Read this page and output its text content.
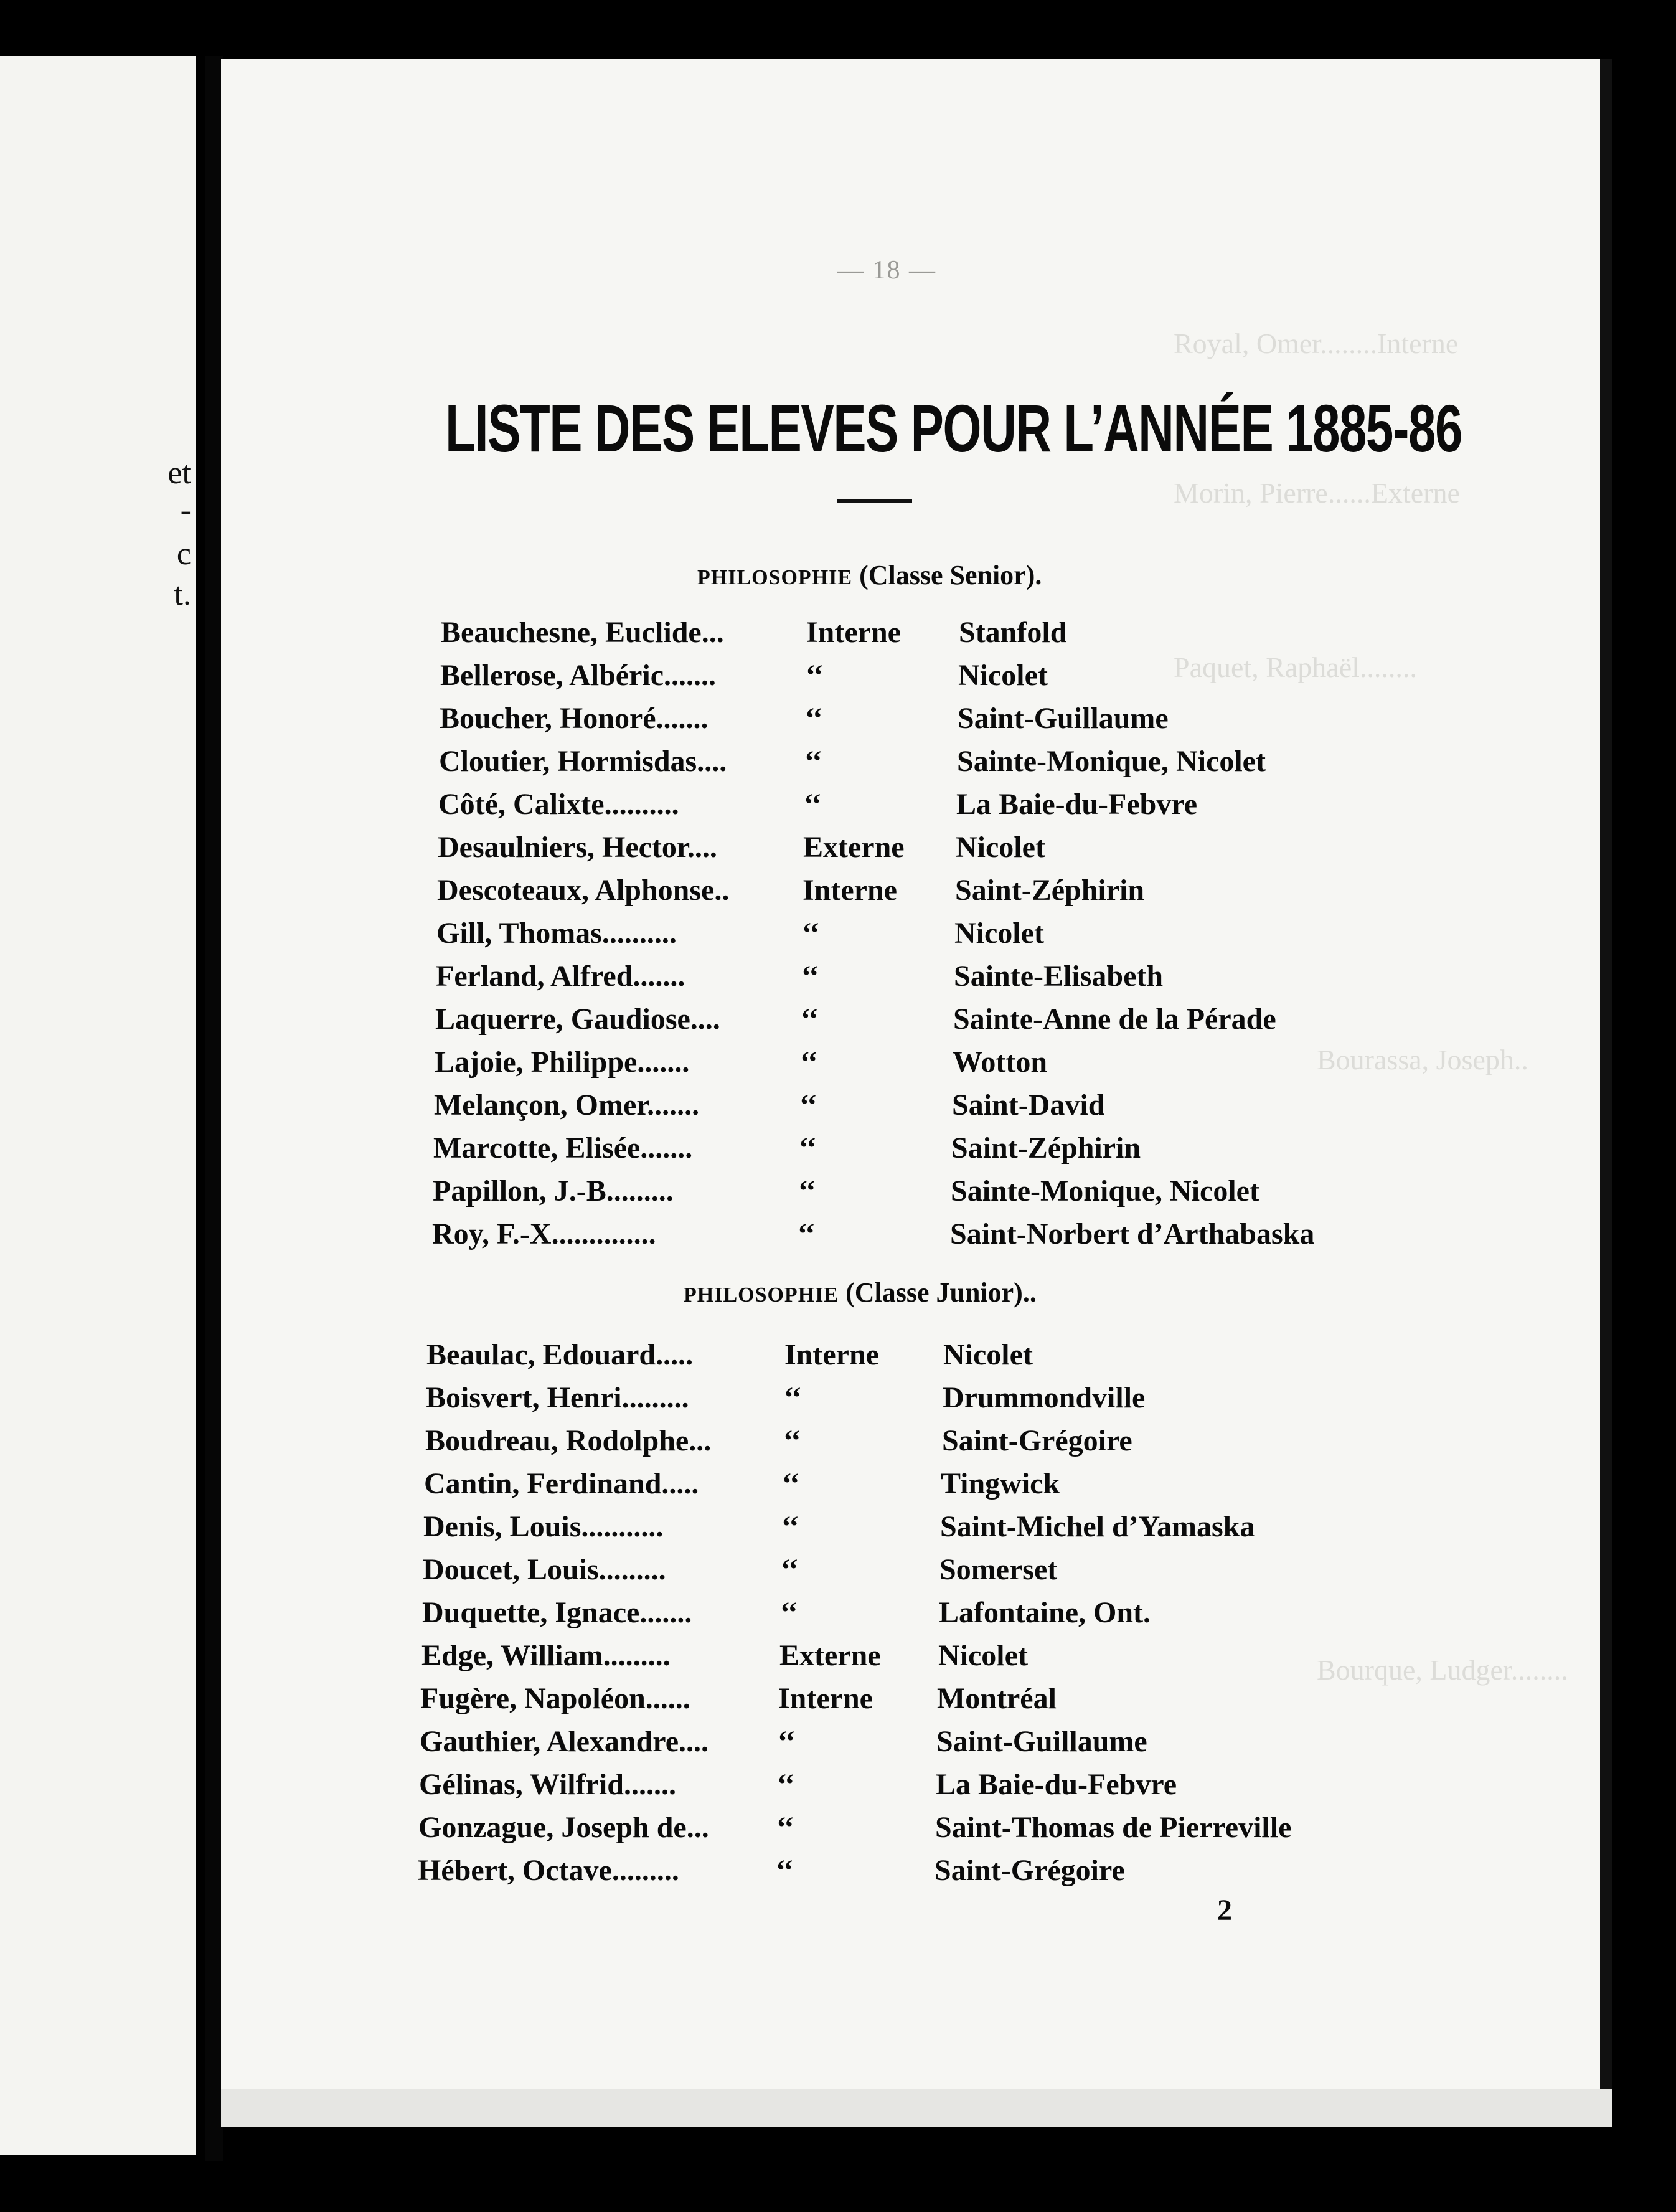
et
-
c
t.
Royal, Omer........Interne
Morin, Pierre......Externe
Paquet, Raphaël........
Bourassa, Joseph..
Bourque, Ludger........
— 18 —
LISTE DES ELEVES POUR L’ANNÉE 1885-86
PHILOSOPHIE (Classe Senior).
Beauchesne, Euclide...	Interne Stanfold
Bellerose, Albéric.......	‘‘	Nicolet
Boucher, Honoré.......	‘‘	Saint-Guillaume
Cloutier, Hormisdas....	‘‘	Sainte-Monique, Nicolet
Côté, Calixte..........	‘‘	La Baie-du-Febvre
Desaulniers, Hector....	Externe Nicolet
Descoteaux, Alphonse.. Interne Saint-Zéphirin
Gill, Thomas..........	‘‘	Nicolet
Ferland, Alfred.......	‘‘	Sainte-Elisabeth
Laquerre, Gaudiose....	‘‘	Sainte-Anne de la Pérade
Lajoie, Philippe.......	‘‘	Wotton
Melançon, Omer.......	‘‘	Saint-David
Marcotte, Elisée.......	‘‘	Saint-Zéphirin
Papillon, J.-B.........	‘‘	Sainte-Monique, Nicolet
Roy, F.-X..............	‘‘	Saint-Norbert d’Arthabaska
PHILOSOPHIE (Classe Junior)..
Beaulac, Edouard.....	Interne Nicolet
Boisvert, Henri.........	‘‘	Drummondville
Boudreau, Rodolphe... ‘‘	Saint-Grégoire
Cantin, Ferdinand.....	‘‘	Tingwick
Denis, Louis...........	‘‘	Saint-Michel d’Yamaska
Doucet, Louis.........	‘‘	Somerset
Duquette, Ignace.......	‘‘	Lafontaine, Ont.
Edge, William.........	Externe Nicolet
Fugère, Napoléon......	Interne Montréal
Gauthier, Alexandre.... ‘‘	Saint-Guillaume
Gélinas, Wilfrid.......	‘‘	La Baie-du-Febvre
Gonzague, Joseph de... ‘‘	Saint-Thomas de Pierreville
Hébert, Octave.........	‘‘	Saint-Grégoire
2
